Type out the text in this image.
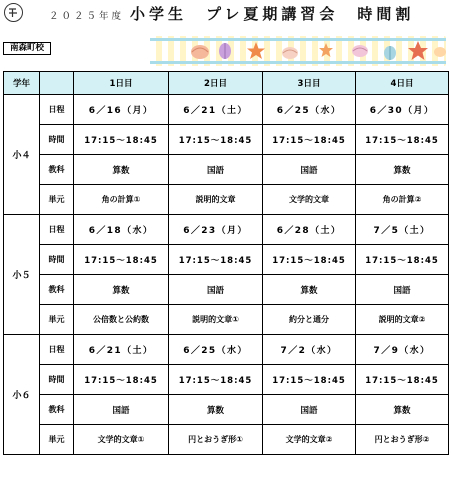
２０２５年度 小学生　プレ夏期講習会　時間割
南森町校
学年		1日目	2日目	3日目	4日目
小４	日程	6／16（月）	6／21（土）	6／25（水）	6／30（月）
	時間	17:15～18:45	17:15～18:45	17:15～18:45	17:15～18:45
	教科	算数	国語	国語	算数
	単元	角の計算①	説明的文章	文学的文章	角の計算②
小５	日程	6／18（水）	6／23（月）	6／28（土）	7／5（土）
	時間	17:15～18:45	17:15～18:45	17:15～18:45	17:15～18:45
	教科	算数	国語	算数	国語
	単元	公倍数と公約数	説明的文章①	約分と通分	説明的文章②
小６	日程	6／21（土）	6／25（水）	7／2（水）	7／9（水）
	時間	17:15～18:45	17:15～18:45	17:15～18:45	17:15～18:45
	教科	国語	算数	国語	算数
	単元	文学的文章①	円とおうぎ形①	文学的文章②	円とおうぎ形②
